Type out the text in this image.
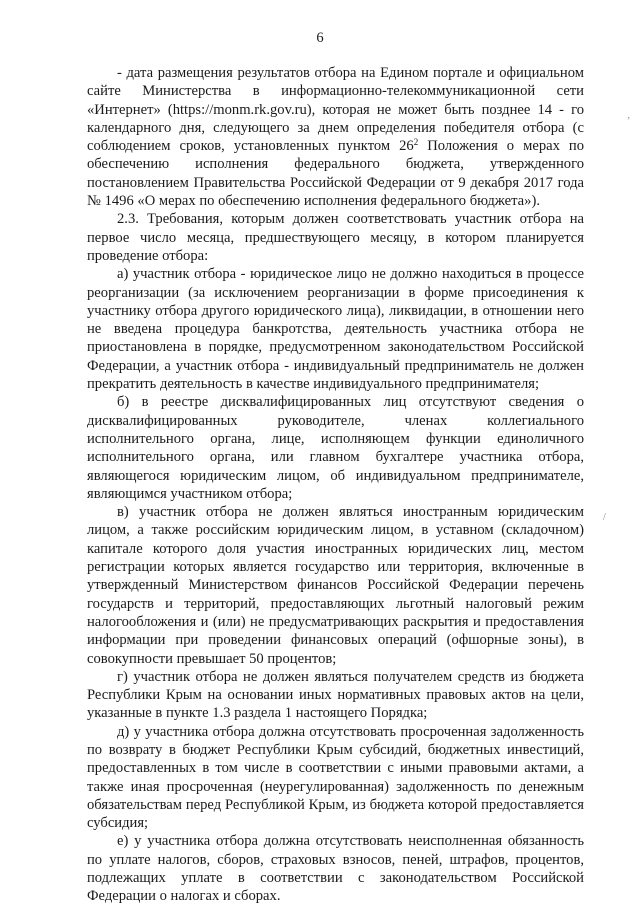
6

- дата размещения результатов отбора на Едином портале и официальном сайте Министерства в информационно-телекоммуникационной сети «Интернет» (https://monm.rk.gov.ru), которая не может быть позднее 14 - го календарного дня, следующего за днем определения победителя отбора (с соблюдением сроков, установленных пунктом $26^2$ Положения о мерах по обеспечению исполнения федерального бюджета, утвержденного постановлением Правительства Российской Федерации от 9 декабря 2017 года № 1496 «О мерах по обеспечению исполнения федерального бюджета»).

2.3. Требования, которым должен соответствовать участник отбора на первое число месяца, предшествующего месяцу, в котором планируется проведение отбора:

а) участник отбора - юридическое лицо не должно находиться в процессе реорганизации (за исключением реорганизации в форме присоединения к участнику отбора другого юридического лица), ликвидации, в отношении него не введена процедура банкротства, деятельность участника отбора не приостановлена в порядке, предусмотренном законодательством Российской Федерации, а участник отбора - индивидуальный предприниматель не должен прекратить деятельность в качестве индивидуального предпринимателя;

б) в реестре дисквалифицированных лиц отсутствуют сведения о дисквалифицированных руководителе, членах коллегиального исполнительного органа, лице, исполняющем функции единоличного исполнительного органа, или главном бухгалтере участника отбора, являющегося юридическим лицом, об индивидуальном предпринимателе, являющимся участником отбора;

в) участник отбора не должен являться иностранным юридическим лицом, а также российским юридическим лицом, в уставном (складочном) капитале которого доля участия иностранных юридических лиц, местом регистрации которых является государство или территория, включенные в утвержденный Министерством финансов Российской Федерации перечень государств и территорий, предоставляющих льготный налоговый режим налогообложения и (или) не предусматривающих раскрытия и предоставления информации при проведении финансовых операций (офшорные зоны), в совокупности превышает 50 процентов;

г) участник отбора не должен являться получателем средств из бюджета Республики Крым на основании иных нормативных правовых актов на цели, указанные в пункте 1.3 раздела 1 настоящего Порядка;

д) у участника отбора должна отсутствовать просроченная задолженность по возврату в бюджет Республики Крым субсидий, бюджетных инвестиций, предоставленных в том числе в соответствии с иными правовыми актами, а также иная просроченная (неурегулированная) задолженность по денежным обязательствам перед Республикой Крым, из бюджета которой предоставляется субсидия;

е) у участника отбора должна отсутствовать неисполненная обязанность по уплате налогов, сборов, страховых взносов, пеней, штрафов, процентов, подлежащих уплате в соответствии с законодательством Российской Федерации о налогах и сборах.

’
/
